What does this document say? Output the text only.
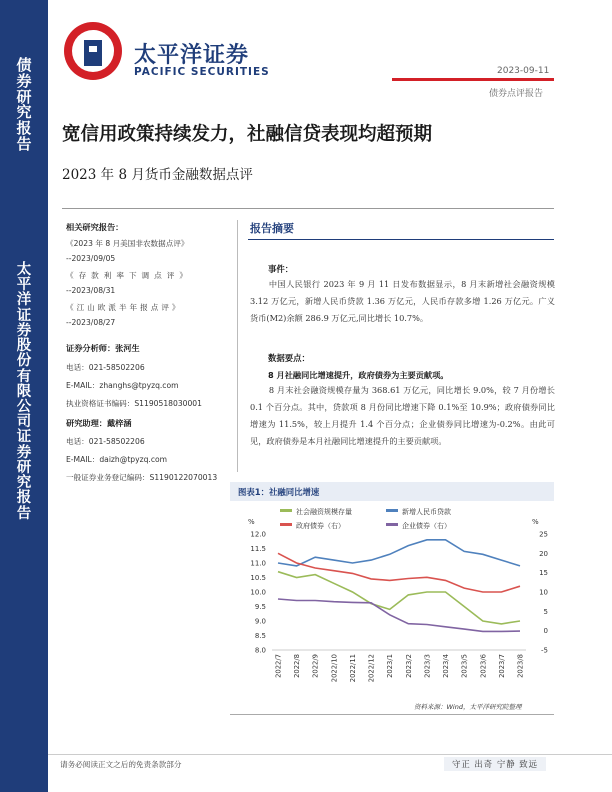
债
券
研
究
报
告
太
平
洋
证
券
股
份
有
限
公
司
证
券
研
究
报
告
太平洋证券
PACIFIC SECURITIES	2023-09-11
债券点评报告
宽信用政策持续发力，社融信贷表现均超预期
2023 年 8 月货币金融数据点评
相关研究报告：
《2023 年 8 月美国非农数据点评》
--2023/09/05
《存款利率下调点评》
--2023/08/31
《江山欧派半年报点评》
--2023/08/27
证券分析师：张河生
电话：021-58502206
E-MAIL：zhanghs@tpyzq.com
执业资格证书编码：S1190518030001
研究助理：戴梓涵
电话：021-58502206
E-MAIL：daizh@tpyzq.com
一般证券业务登记编码：S1190122070013
报告摘要
事件：
中国人民银行 2023 年 9 月 11 日发布数据显示，8 月末新增社会融资规模 3.12 万亿元，新增人民币贷款 1.36 万亿元，人民币存款多增 1.26 万亿元。广义货币(M2)余额 286.9 万亿元,同比增长 10.7%。
数据要点：
8 月社融同比增速提升，政府债券为主要贡献项。
8 月末社会融资规模存量为 368.61 万亿元，同比增长 9.0%，较 7 月份增长 0.1 个百分点。其中，贷款项 8 月份同比增速下降 0.1%至 10.9%；政府债券同比增速为 11.5%，较上月提升 1.4 个百分点；企业债券同比增速为-0.2%。由此可见，政府债券是本月社融同比增速提升的主要贡献项。
图表1：社融同比增速
%	%
12.0
11.5
11.0
10.5
10.0
9.5
9.0
8.5
8.0
25
20
15
10
5
0
-5
2022/7 2022/8 2022/9 2022/10 2022/11 2022/12 2023/1 2023/2 2023/3 2023/4 2023/5 2023/6 2023/7 2023/8
社会融资规模存量	新增人民币贷款
政府债券（右）	企业债券（右）
资料来源：Wind，太平洋研究院整理
请务必阅读正文之后的免责条款部分	守正 出奇 宁静 致远
